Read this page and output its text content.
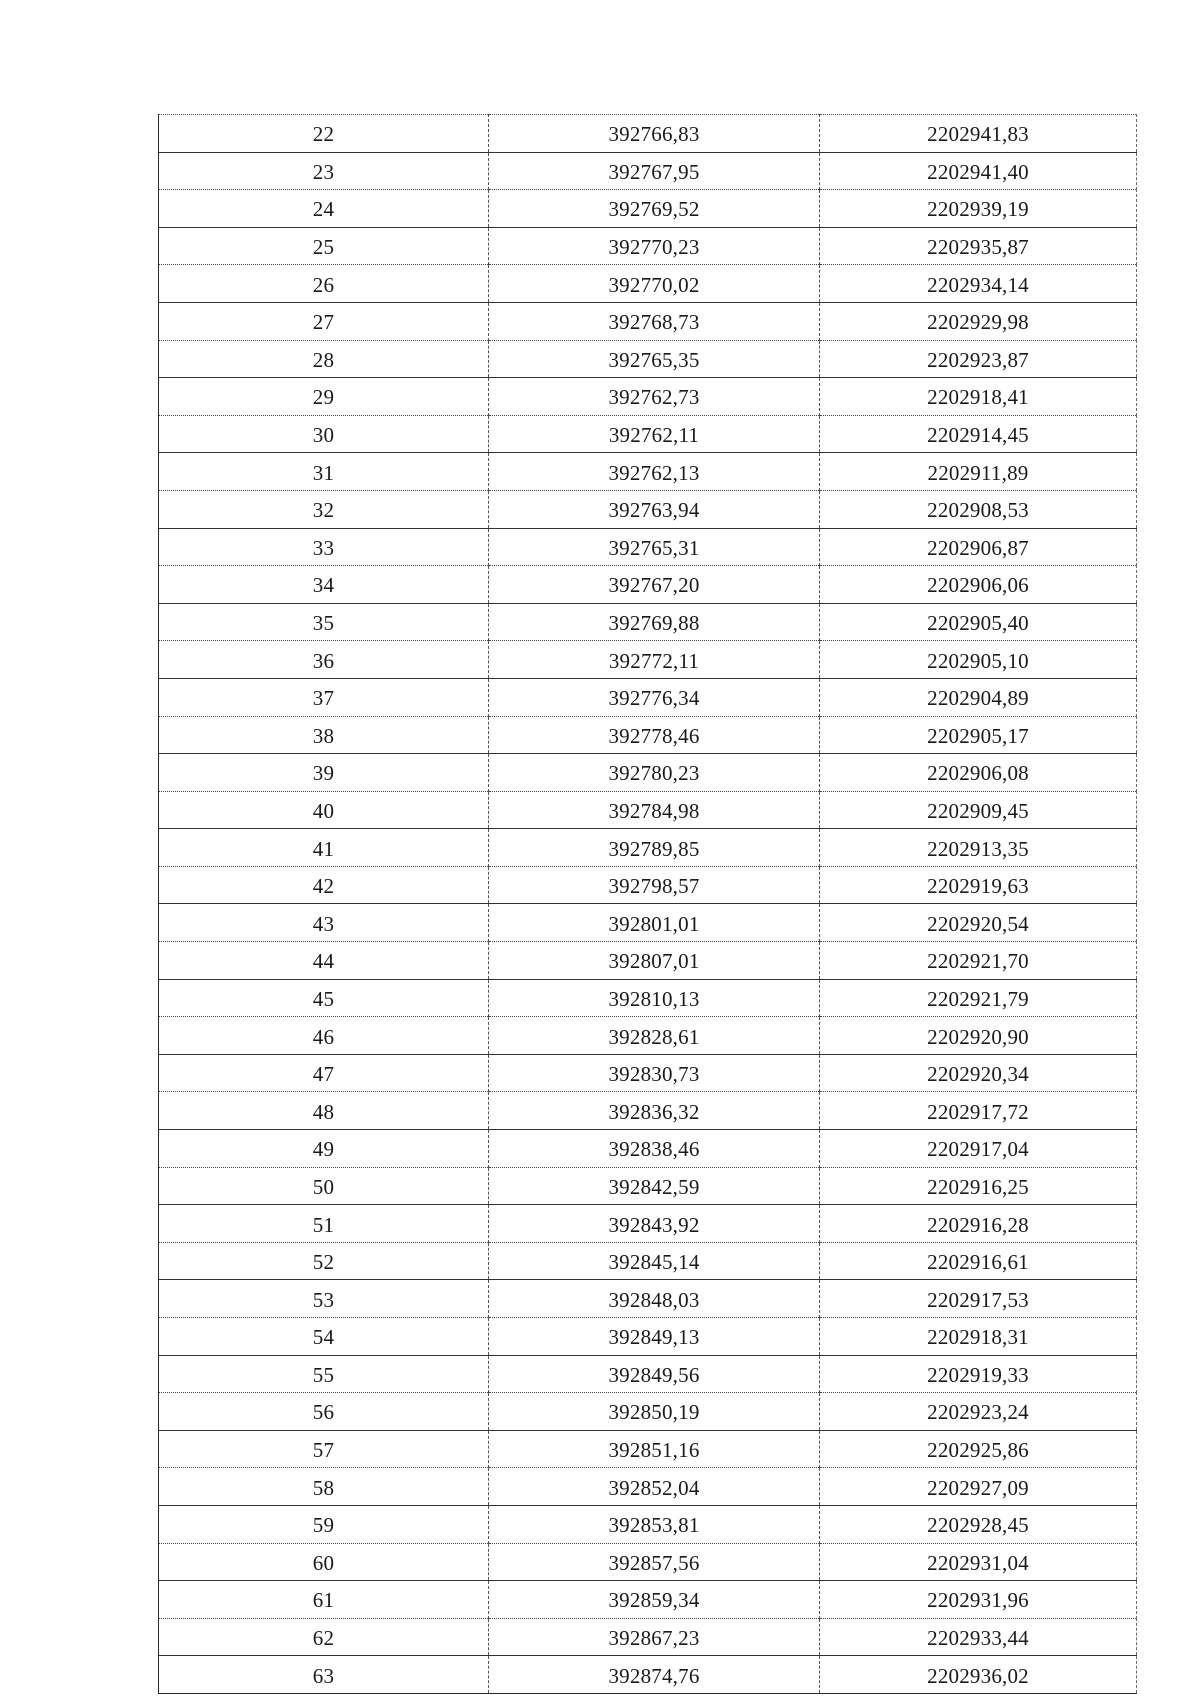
22	392766,83	2202941,83
23	392767,95	2202941,40
24	392769,52	2202939,19
25	392770,23	2202935,87
26	392770,02	2202934,14
27	392768,73	2202929,98
28	392765,35	2202923,87
29	392762,73	2202918,41
30	392762,11	2202914,45
31	392762,13	2202911,89
32	392763,94	2202908,53
33	392765,31	2202906,87
34	392767,20	2202906,06
35	392769,88	2202905,40
36	392772,11	2202905,10
37	392776,34	2202904,89
38	392778,46	2202905,17
39	392780,23	2202906,08
40	392784,98	2202909,45
41	392789,85	2202913,35
42	392798,57	2202919,63
43	392801,01	2202920,54
44	392807,01	2202921,70
45	392810,13	2202921,79
46	392828,61	2202920,90
47	392830,73	2202920,34
48	392836,32	2202917,72
49	392838,46	2202917,04
50	392842,59	2202916,25
51	392843,92	2202916,28
52	392845,14	2202916,61
53	392848,03	2202917,53
54	392849,13	2202918,31
55	392849,56	2202919,33
56	392850,19	2202923,24
57	392851,16	2202925,86
58	392852,04	2202927,09
59	392853,81	2202928,45
60	392857,56	2202931,04
61	392859,34	2202931,96
62	392867,23	2202933,44
63	392874,76	2202936,02
